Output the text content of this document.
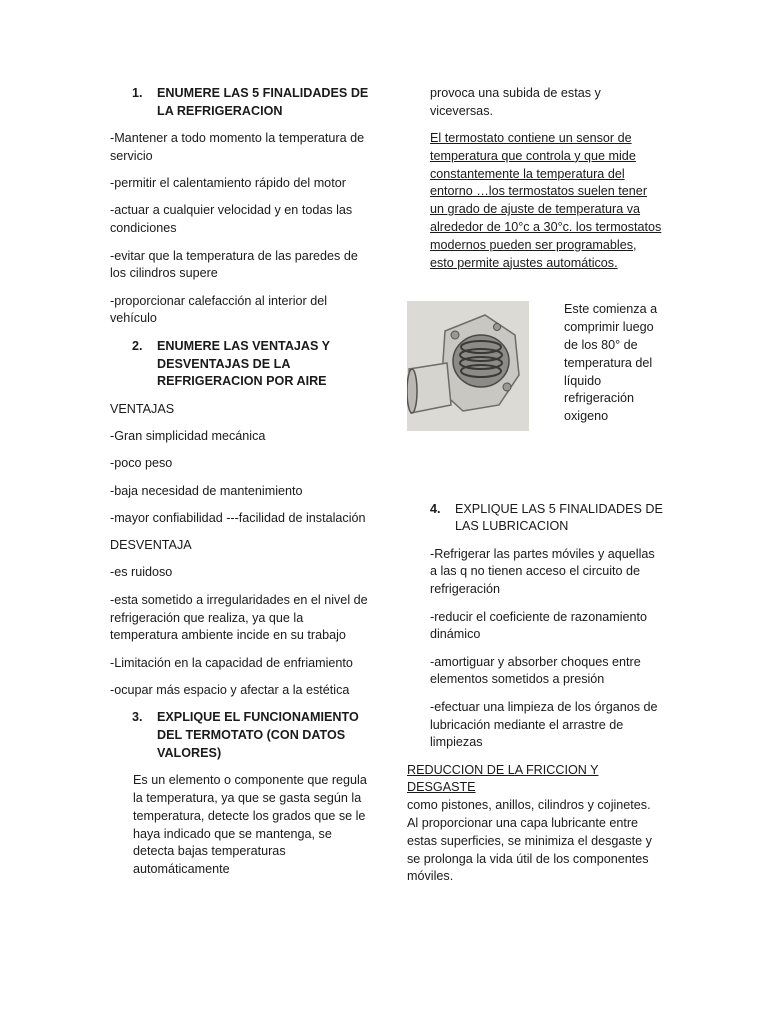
1.	ENUMERE LAS 5 FINALIDADES DE LA REFRIGERACION

-Mantener a todo momento la temperatura de servicio

-permitir el calentamiento rápido del motor

-actuar a cualquier velocidad y en todas las condiciones

-evitar que la temperatura de las paredes de los cilindros supere

-proporcionar calefacción al interior del vehículo

2.	ENUMERE LAS VENTAJAS Y DESVENTAJAS DE LA REFRIGERACION POR AIRE

VENTAJAS

-Gran simplicidad mecánica

-poco peso

-baja necesidad de mantenimiento

-mayor confiabilidad ---facilidad de instalación

DESVENTAJA

-es ruidoso

-esta sometido a irregularidades en el nivel de refrigeración que realiza, ya que la temperatura ambiente incide en su trabajo

-Limitación en la capacidad de enfriamiento

-ocupar más espacio y afectar a la estética

3.	EXPLIQUE EL FUNCIONAMIENTO DEL TERMOTATO (CON DATOS VALORES)

Es un elemento o componente que regula la temperatura, ya que se gasta según la temperatura, detecte los grados que se le haya indicado que se mantenga, se detecta bajas temperaturas automáticamente

provoca una subida de estas y viceversas.

El termostato contiene un sensor de temperatura que controla y que mide constantemente la temperatura del entorno …los termostatos suelen tener un grado de ajuste de temperatura va alrededor de 10°c a 30°c. los termostatos modernos pueden ser programables, esto permite ajustes automáticos.

Este comienza a comprimir luego de los 80° de temperatura del líquido refrigeración oxigeno

4.	EXPLIQUE LAS 5 FINALIDADES DE LAS LUBRICACION

-Refrigerar las partes móviles y aquellas a las q no tienen acceso el circuito de refrigeración

-reducir el coeficiente de razonamiento dinámico

-amortiguar y absorber choques entre elementos sometidos a presión

-efectuar una limpieza de los órganos de lubricación mediante el arrastre de limpiezas

REDUCCION DE LA FRICCION Y DESGASTE
como pistones, anillos, cilindros y cojinetes. Al proporcionar una capa lubricante entre estas superficies, se minimiza el desgaste y se prolonga la vida útil de los componentes móviles.
